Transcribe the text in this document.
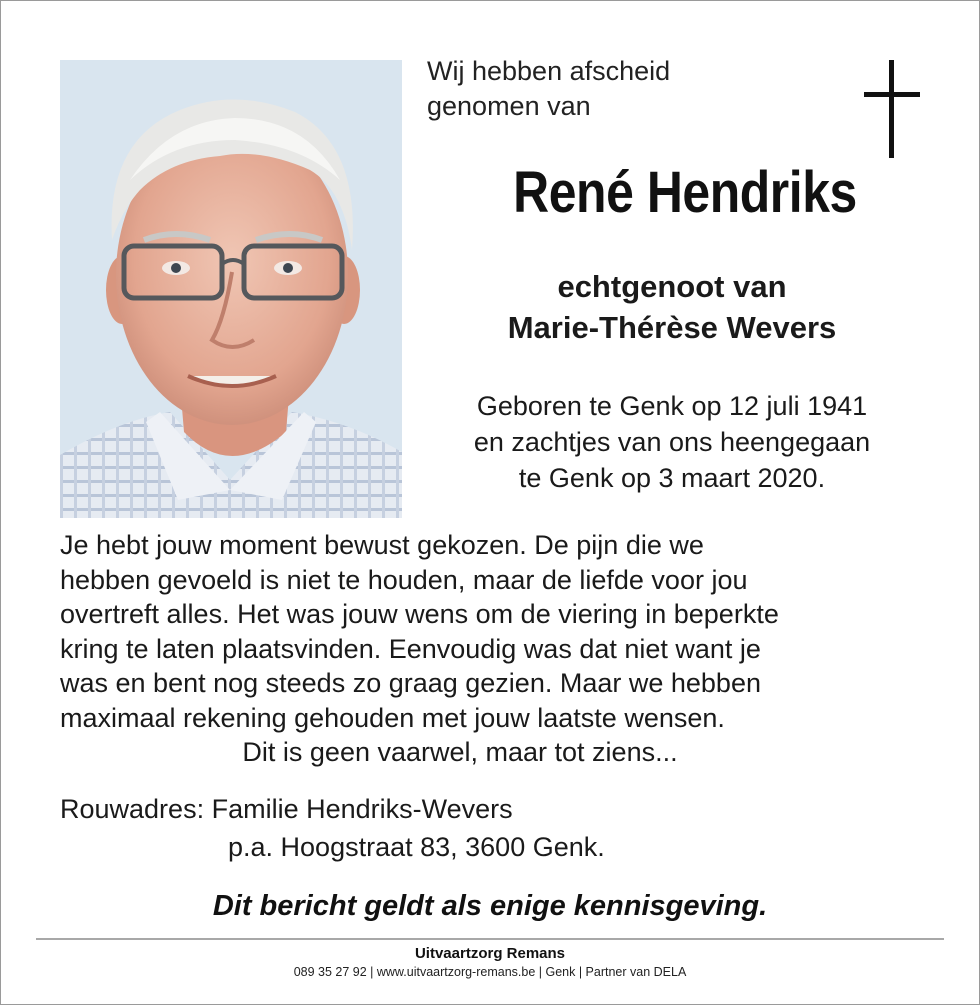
Wij hebben afscheid
genomen van
René Hendriks
echtgenoot van
Marie-Thérèse Wevers
Geboren te Genk op 12 juli 1941
en zachtjes van ons heengegaan
te Genk op 3 maart 2020.
Je hebt jouw moment bewust gekozen. De pijn die we
hebben gevoeld is niet te houden, maar de liefde voor jou
overtreft alles. Het was jouw wens om de viering in beperkte
kring te laten plaatsvinden. Eenvoudig was dat niet want je
was en bent nog steeds zo graag gezien. Maar we hebben
maximaal rekening gehouden met jouw laatste wensen.
Dit is geen vaarwel, maar tot ziens...
Rouwadres: Familie Hendriks-Wevers
p.a. Hoogstraat 83, 3600 Genk.
Dit bericht geldt als enige kennisgeving.
Uitvaartzorg Remans
089 35 27 92 | www.uitvaartzorg-remans.be | Genk | Partner van DELA
